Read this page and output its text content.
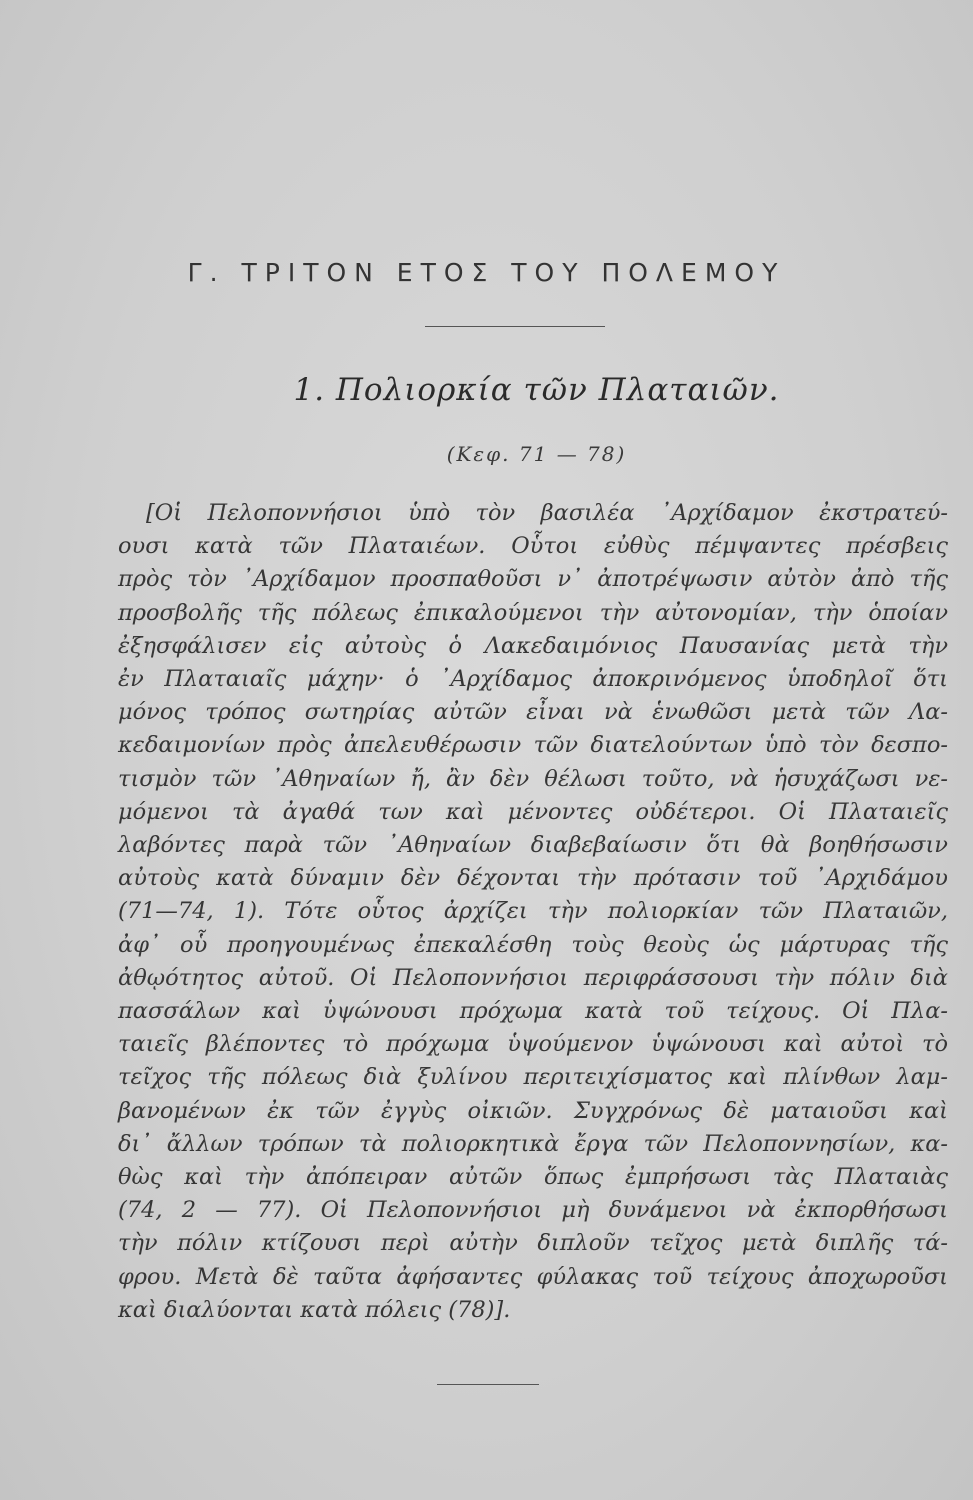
Γ. ΤΡΙΤΟΝ ΕΤΟΣ ΤΟΥ ΠΟΛΕΜΟΥ
1. Πολιορκία τῶν Πλαταιῶν.
(Κεφ. 71 — 78)
[Οἱ Πελοποννήσιοι ὑπὸ τὸν βασιλέα ᾿Αρχίδαμον ἐκστρατεύ-
ουσι κατὰ τῶν Πλαταιέων. Οὗτοι εὐθὺς πέμψαντες πρέσβεις
πρὸς τὸν ᾿Αρχίδαμον προσπαθοῦσι ν᾿ ἀποτρέψωσιν αὐτὸν ἀπὸ τῆς
προσβολῆς τῆς πόλεως ἐπικαλούμενοι τὴν αὐτονομίαν, τὴν ὁποίαν
ἐξησφάλισεν εἰς αὐτοὺς ὁ Λακεδαιμόνιος Παυσανίας μετὰ τὴν
ἐν Πλαταιαῖς μάχην· ὁ ᾿Αρχίδαμος ἀποκρινόμενος ὑποδηλοῖ ὅτι
μόνος τρόπος σωτηρίας αὐτῶν εἶναι νὰ ἑνωθῶσι μετὰ τῶν Λα-
κεδαιμονίων πρὸς ἀπελευθέρωσιν τῶν διατελούντων ὑπὸ τὸν δεσπο-
τισμὸν τῶν ᾿Αθηναίων ἤ, ἂν δὲν θέλωσι τοῦτο, νὰ ἡσυχάζωσι νε-
μόμενοι τὰ ἀγαθά των καὶ μένοντες οὐδέτεροι. Οἱ Πλαταιεῖς
λαβόντες παρὰ τῶν ᾿Αθηναίων διαβεβαίωσιν ὅτι θὰ βοηθήσωσιν
αὐτοὺς κατὰ δύναμιν δὲν δέχονται τὴν πρότασιν τοῦ ᾿Αρχιδάμου
(71—74, 1). Τότε οὗτος ἀρχίζει τὴν πολιορκίαν τῶν Πλαταιῶν,
ἀφ᾿ οὗ προηγουμένως ἐπεκαλέσθη τοὺς θεοὺς ὡς μάρτυρας τῆς
ἀθῳότητος αὐτοῦ. Οἱ Πελοποννήσιοι περιφράσσουσι τὴν πόλιν διὰ
πασσάλων καὶ ὑψώνουσι πρόχωμα κατὰ τοῦ τείχους. Οἱ Πλα-
ταιεῖς βλέποντες τὸ πρόχωμα ὑψούμενον ὑψώνουσι καὶ αὐτοὶ τὸ
τεῖχος τῆς πόλεως διὰ ξυλίνου περιτειχίσματος καὶ πλίνθων λαμ-
βανομένων ἐκ τῶν ἐγγὺς οἰκιῶν. Συγχρόνως δὲ ματαιοῦσι καὶ
δι᾿ ἄλλων τρόπων τὰ πολιορκητικὰ ἔργα τῶν Πελοποννησίων, κα-
θὼς καὶ τὴν ἀπόπειραν αὐτῶν ὅπως ἐμπρήσωσι τὰς Πλαταιὰς
(74, 2 — 77). Οἱ Πελοποννήσιοι μὴ δυνάμενοι νὰ ἐκπορθήσωσι
τὴν πόλιν κτίζουσι περὶ αὐτὴν διπλοῦν τεῖχος μετὰ διπλῆς τά-
φρου. Μετὰ δὲ ταῦτα ἀφήσαντες φύλακας τοῦ τείχους ἀποχωροῦσι
καὶ διαλύονται κατὰ πόλεις (78)].
